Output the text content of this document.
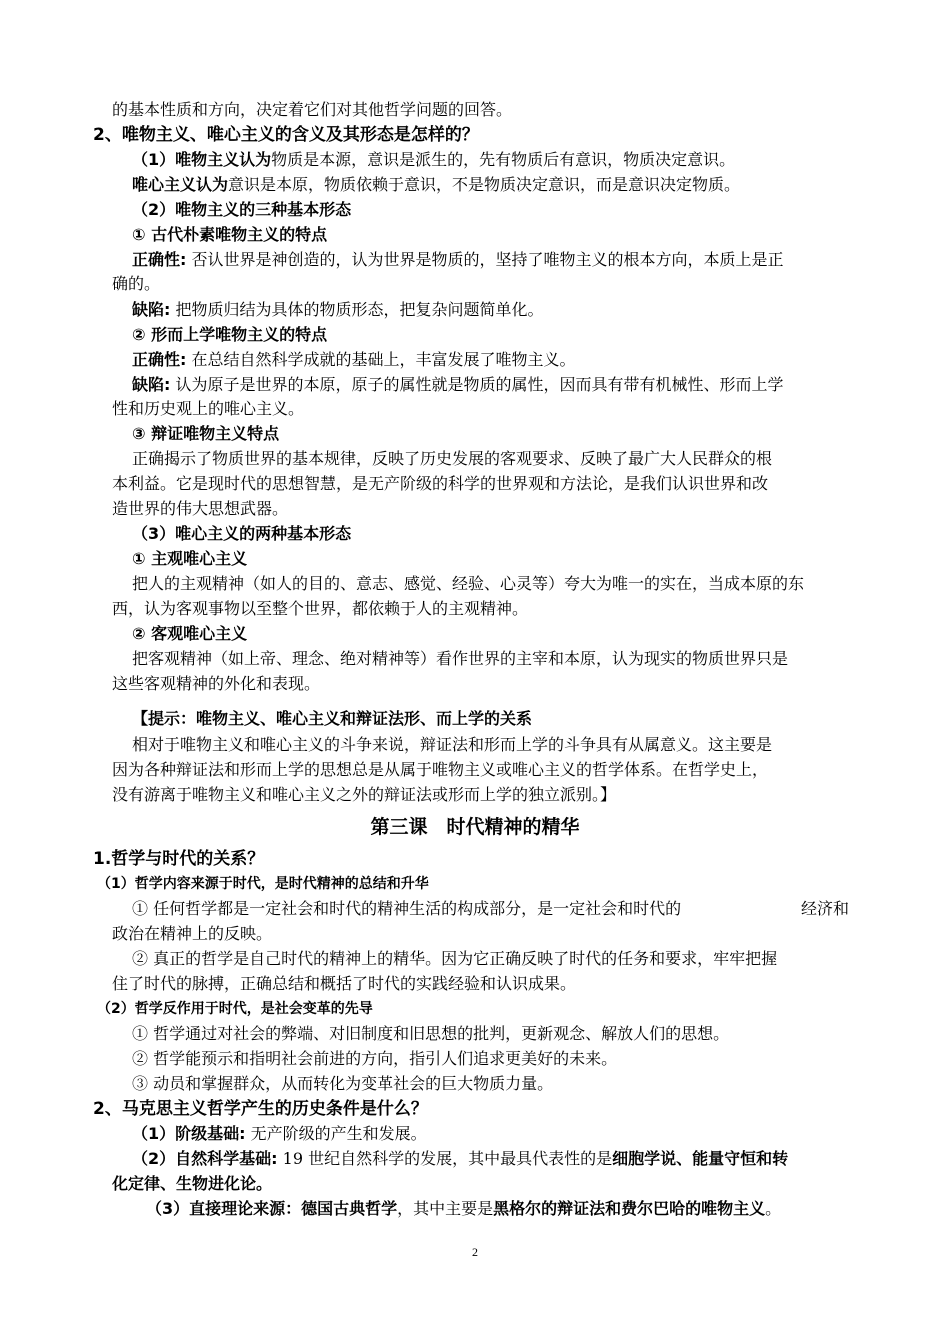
的基本性质和方向，决定着它们对其他哲学问题的回答。
2、唯物主义、唯心主义的含义及其形态是怎样的？
（1）唯物主义认为物质是本源，意识是派生的，先有物质后有意识，物质决定意识。
唯心主义认为意识是本原，物质依赖于意识，不是物质决定意识，而是意识决定物质。
（2）唯物主义的三种基本形态
① 古代朴素唯物主义的特点
正确性: 否认世界是神创造的，认为世界是物质的，坚持了唯物主义的根本方向，本质上是正
确的。
缺陷: 把物质归结为具体的物质形态，把复杂问题简单化。
② 形而上学唯物主义的特点
正确性: 在总结自然科学成就的基础上，丰富发展了唯物主义。
缺陷: 认为原子是世界的本原，原子的属性就是物质的属性，因而具有带有机械性、形而上学
性和历史观上的唯心主义。
③ 辩证唯物主义特点
正确揭示了物质世界的基本规律，反映了历史发展的客观要求、反映了最广大人民群众的根
本利益。它是现时代的思想智慧，是无产阶级的科学的世界观和方法论，是我们认识世界和改
造世界的伟大思想武器。
（3）唯心主义的两种基本形态
① 主观唯心主义
把人的主观精神（如人的目的、意志、感觉、经验、心灵等）夸大为唯一的实在，当成本原的东
西，认为客观事物以至整个世界，都依赖于人的主观精神。
② 客观唯心主义
把客观精神（如上帝、理念、绝对精神等）看作世界的主宰和本原，认为现实的物质世界只是
这些客观精神的外化和表现。
【提示：唯物主义、唯心主义和辩证法形、而上学的关系
相对于唯物主义和唯心主义的斗争来说，辩证法和形而上学的斗争具有从属意义。这主要是
因为各种辩证法和形而上学的思想总是从属于唯物主义或唯心主义的哲学体系。在哲学史上，
没有游离于唯物主义和唯心主义之外的辩证法或形而上学的独立派别。】
第三课　时代精神的精华
1.哲学与时代的关系？
（1）哲学内容来源于时代，是时代精神的总结和升华
① 任何哲学都是一定社会和时代的精神生活的构成部分，是一定社会和时代的	经济和
政治在精神上的反映。
② 真正的哲学是自己时代的精神上的精华。因为它正确反映了时代的任务和要求，牢牢把握
住了时代的脉搏，正确总结和概括了时代的实践经验和认识成果。
（2）哲学反作用于时代，是社会变革的先导
① 哲学通过对社会的弊端、对旧制度和旧思想的批判，更新观念、解放人们的思想。
② 哲学能预示和指明社会前进的方向，指引人们追求更美好的未来。
③ 动员和掌握群众，从而转化为变革社会的巨大物质力量。
2、马克思主义哲学产生的历史条件是什么？
（1）阶级基础: 无产阶级的产生和发展。
（2）自然科学基础: 19 世纪自然科学的发展，其中最具代表性的是细胞学说、能量守恒和转
化定律、生物进化论。
（3）直接理论来源：德国古典哲学，其中主要是黑格尔的辩证法和费尔巴哈的唯物主义。
2
